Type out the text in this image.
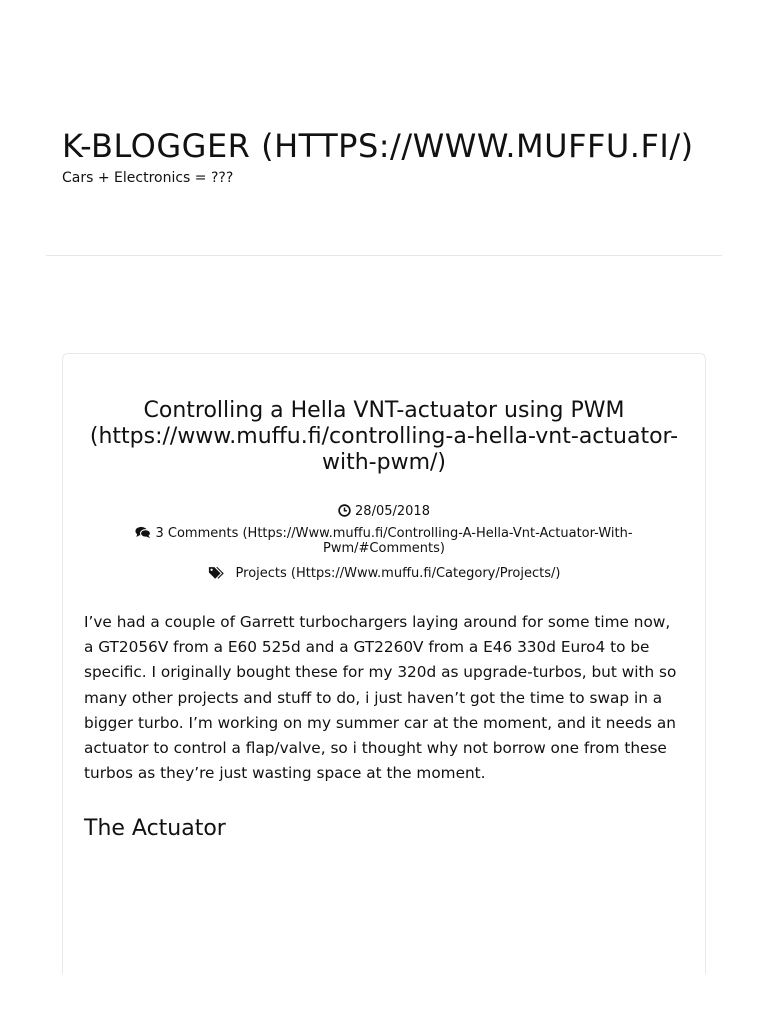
K-BLOGGER (HTTPS://WWW.MUFFU.FI/)
Cars + Electronics = ???
Controlling a Hella VNT-actuator using PWM (https://www.muffu.fi/controlling-a-hella-vnt-actuator-with-pwm/)
28/05/2018
3 Comments (Https://Www.muffu.fi/Controlling-A-Hella-Vnt-Actuator-With-Pwm/#Comments)
Projects (Https://Www.muffu.fi/Category/Projects/)

I’ve had a couple of Garrett turbochargers laying around for some time now, a GT2056V from a E60 525d and a GT2260V from a E46 330d Euro4 to be specific. I originally bought these for my 320d as upgrade-turbos, but with so many other projects and stuff to do, i just haven’t got the time to swap in a bigger turbo. I’m working on my summer car at the moment, and it needs an actuator to control a flap/valve, so i thought why not borrow one from these turbos as they’re just wasting space at the moment.

The Actuator
